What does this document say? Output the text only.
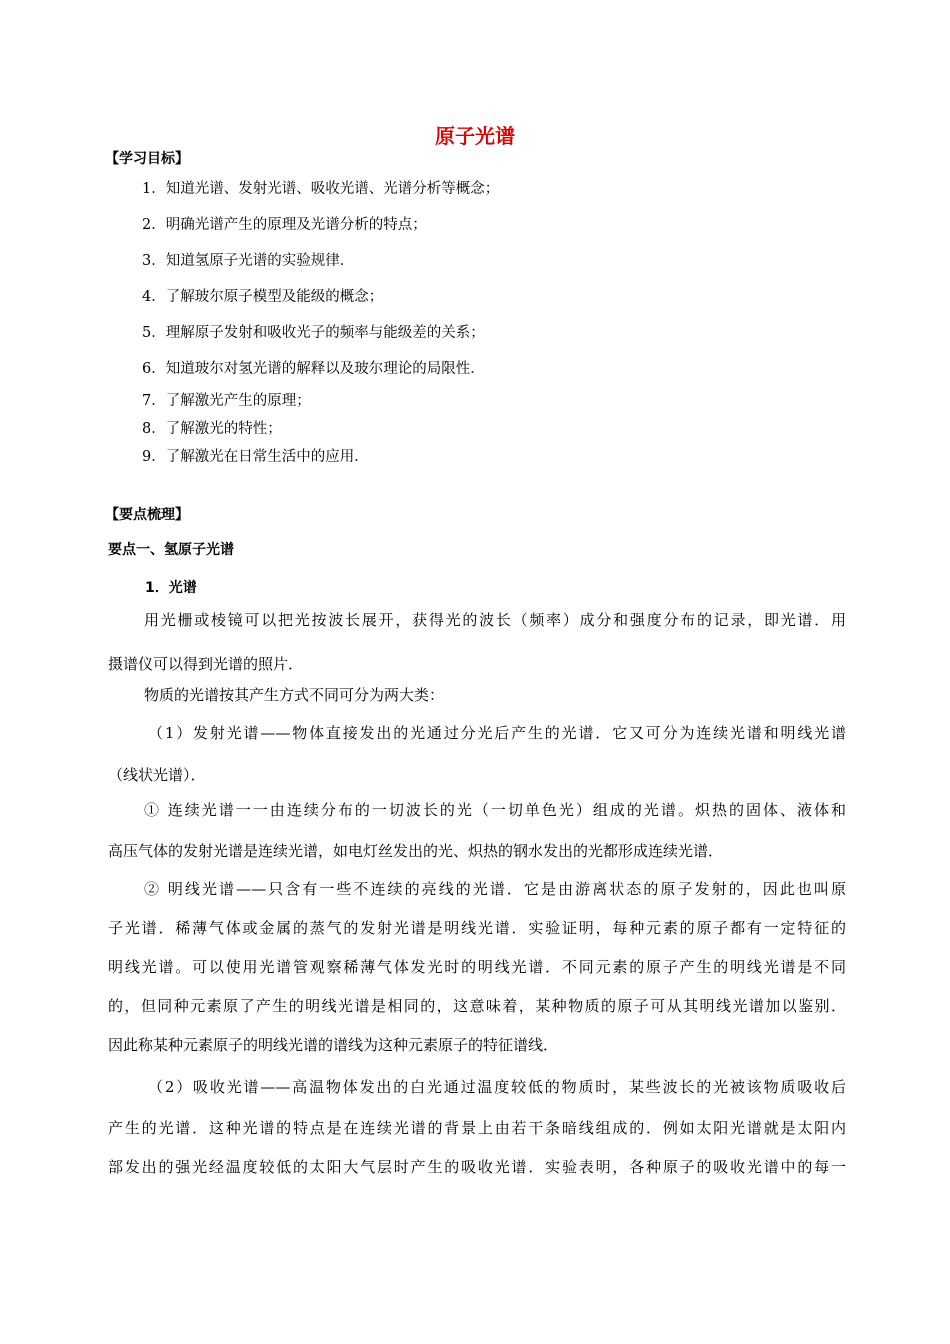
原子光谱
【学习目标】
1．知道光谱、发射光谱、吸收光谱、光谱分析等概念；
2．明确光谱产生的原理及光谱分析的特点；
3．知道氢原子光谱的实验规律．
4．了解玻尔原子模型及能级的概念；
5．理解原子发射和吸收光子的频率与能级差的关系；
6．知道玻尔对氢光谱的解释以及玻尔理论的局限性．
7．了解激光产生的原理；
8．了解激光的特性；
9．了解激光在日常生活中的应用．
【要点梳理】
要点一、氢原子光谱
1．光谱
用光栅或棱镜可以把光按波长展开，获得光的波长（频率）成分和强度分布的记录，即光谱．用
摄谱仪可以得到光谱的照片．
物质的光谱按其产生方式不同可分为两大类：
（1）发射光谱——物体直接发出的光通过分光后产生的光谱．它又可分为连续光谱和明线光谱
（线状光谱）．
① 连续光谱一一由连续分布的一切波长的光（一切单色光）组成的光谱。炽热的固体、液体和
高压气体的发射光谱是连续光谱，如电灯丝发出的光、炽热的钢水发出的光都形成连续光谱．
② 明线光谱——只含有一些不连续的亮线的光谱．它是由游离状态的原子发射的，因此也叫原
子光谱．稀薄气体或金属的蒸气的发射光谱是明线光谱．实验证明，每种元素的原子都有一定特征的
明线光谱。可以使用光谱管观察稀薄气体发光时的明线光谱．不同元素的原子产生的明线光谱是不同
的，但同种元素原了产生的明线光谱是相同的，这意味着，某种物质的原子可从其明线光谱加以鉴别．
因此称某种元素原子的明线光谱的谱线为这种元素原子的特征谱线．
（2）吸收光谱——高温物体发出的白光通过温度较低的物质时，某些波长的光被该物质吸收后
产生的光谱．这种光谱的特点是在连续光谱的背景上由若干条暗线组成的．例如太阳光谱就是太阳内
部发出的强光经温度较低的太阳大气层时产生的吸收光谱．实验表明，各种原子的吸收光谱中的每一
